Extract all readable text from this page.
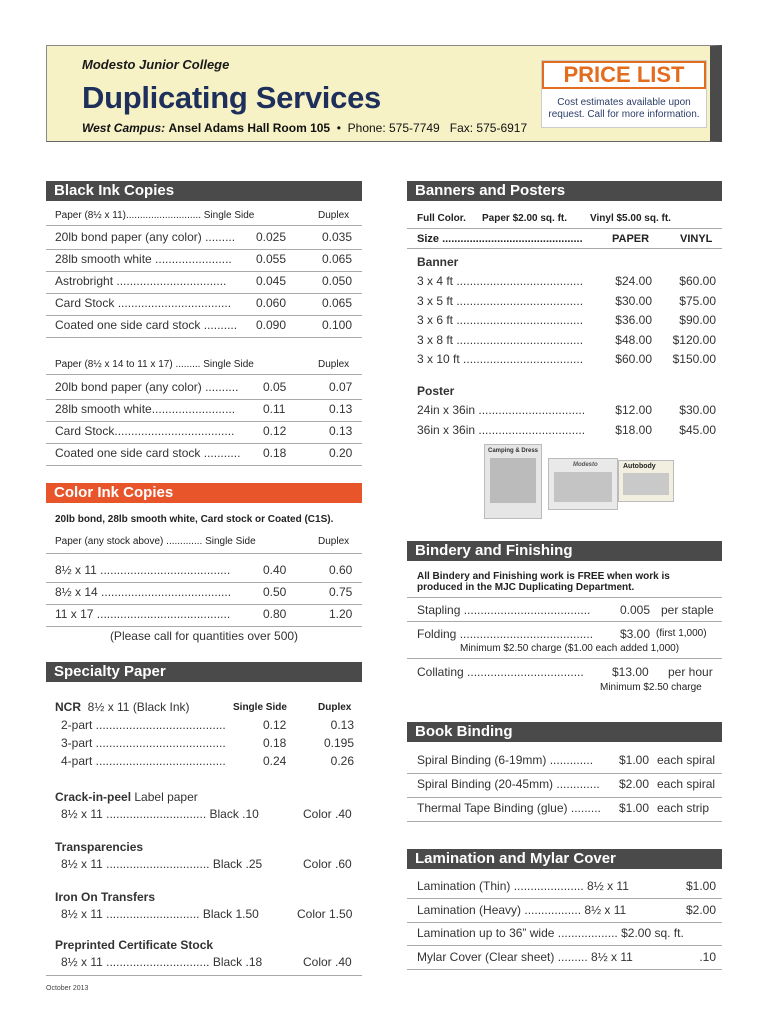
Modesto Junior College
Duplicating Services
West Campus: Ansel Adams Hall Room 105 • Phone: 575-7749 Fax: 575-6917
PRICE LIST
Cost estimates available upon request. Call for more information.
Black Ink Copies
Paper (8½ x 11)........................... Single Side	Duplex
20lb bond paper (any color) ......... 0.025	0.035
28lb smooth white ....................... 0.055	0.065
Astrobright ................................. 0.045	0.050
Card Stock .................................. 0.060	0.065
Coated one side card stock .......... 0.090	0.100
Paper (8½ x 14 to 11 x 17) ......... Single Side	Duplex
20lb bond paper (any color) .......... 0.05	0.07
28lb smooth white......................... 0.11	0.13
Card Stock.................................... 0.12	0.13
Coated one side card stock ........... 0.18	0.20
Color Ink Copies
20lb bond, 28lb smooth white, Card stock or Coated (C1S).
Paper (any stock above) ............. Single Side	Duplex
8½ x 11 .......................................	0.40	0.60
8½ x 14 .......................................	0.50	0.75
11 x 17 ........................................	0.80	1.20
(Please call for quantities over 500)
Specialty Paper
NCR 8½ x 11 (Black Ink)	Single Side	Duplex
2-part .......................................	0.12	0.13
3-part .......................................	0.18	0.195
4-part .......................................	0.24	0.26
Crack-in-peel Label paper
8½ x 11 .............................. Black .10	Color .40
Transparencies
8½ x 11 ............................... Black .25	Color .60
Iron On Transfers
8½ x 11 ............................ Black 1.50	Color 1.50
Preprinted Certificate Stock
8½ x 11 ............................... Black .18	Color .40
October 2013
Banners and Posters
Full Color. Paper $2.00 sq. ft. Vinyl $5.00 sq. ft.
Size ..............................................	PAPER	VINYL
Banner
3 x 4 ft ......................................	$24.00	$60.00
3 x 5 ft ......................................	$30.00	$75.00
3 x 6 ft ......................................	$36.00	$90.00
3 x 8 ft ......................................	$48.00	$120.00
3 x 10 ft ....................................	$60.00	$150.00
Poster
24in x 36in ................................	$12.00	$30.00
36in x 36in ................................	$18.00	$45.00
Camping & Dress
Modesto	Autobody
Bindery and Finishing
All Bindery and Finishing work is FREE when work is produced in the MJC Duplicating Department.
Stapling ...................................... 0.005 per staple
Folding ........................................ $3.00 (first 1,000)
Minimum $2.50 charge ($1.00 each added 1,000)
Collating ................................... $13.00 per hour
Minimum $2.50 charge
Book Binding
Spiral Binding (6-19mm) ............. $1.00 each spiral
Spiral Binding (20-45mm) ............. $2.00 each spiral
Thermal Tape Binding (glue) ......... $1.00 each strip
Lamination and Mylar Cover
Lamination (Thin) ..................... 8½ x 11	$1.00
Lamination (Heavy) ................. 8½ x 11	$2.00
Lamination up to 36” wide .................. $2.00 sq. ft.
Mylar Cover (Clear sheet) ......... 8½ x 11	.10
